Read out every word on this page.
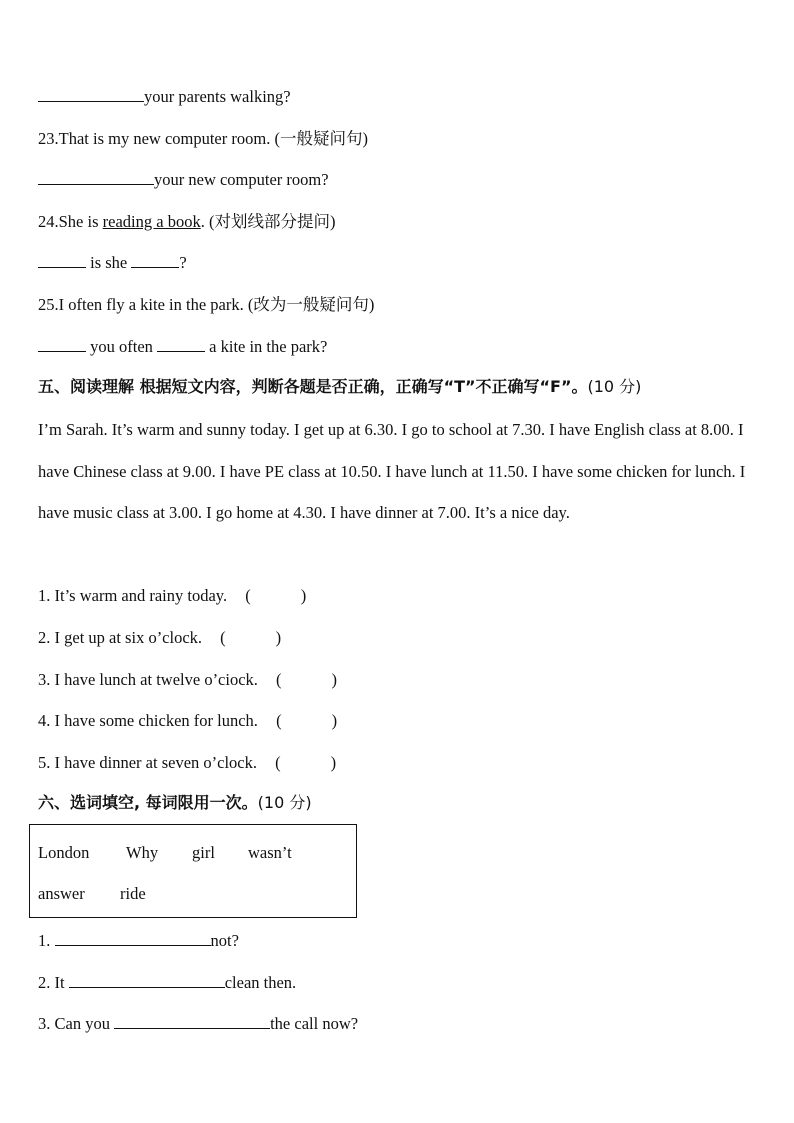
your parents walking?
23.That is my new computer room. (一般疑问句)
your new computer room?
24.She is reading a book. (对划线部分提问)
is she	?
25.I often fly a kite in the park. (改为一般疑问句)
you often	a kite in the park?
五、阅读理解 根据短文内容，判断各题是否正确，正确写“T”不正确写“F”。(10 分)
I’m Sarah. It’s warm and sunny today. I get up at 6.30. I go to school at 7.30. I have English class at 8.00. I have Chinese class at 9.00. I have PE class at 10.50. I have lunch at 11.50. I have some chicken for lunch. I have music class at 3.00. I go home at 4.30. I have dinner at 7.00. It’s a nice day.
1. It’s warm and rainy today. (	)
2. I get up at six o’clock. (	)
3. I have lunch at twelve o’ciock. (	)
4. I have some chicken for lunch. (	)
5. I have dinner at seven o’clock. (	)
六、选词填空, 每词限用一次。(10 分)
London Why girl wasn’t
answer ride
1.	not?
2. It	clean then.
3. Can you	the call now?
